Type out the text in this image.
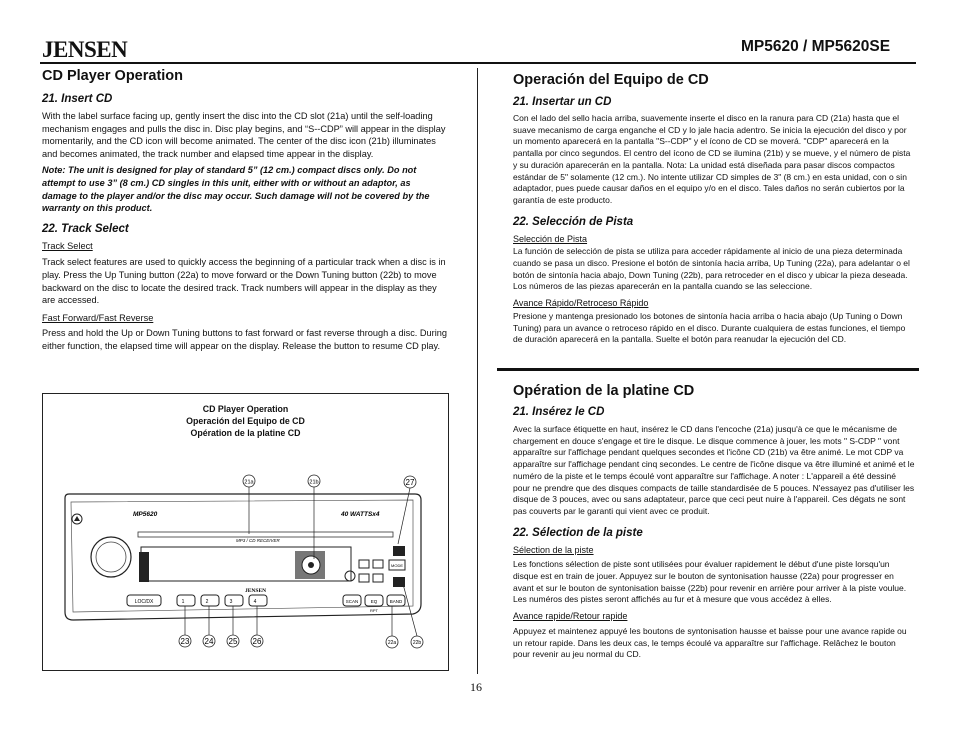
JENSEN	MP5620 / MP5620SE
CD Player Operation
21. Insert CD

With the label surface facing up, gently insert the disc into the CD slot (21a) until the self-loading mechanism engages and pulls the disc in. Disc play begins, and “S--CDP” will appear in the display momentarily, and the CD icon will become animated. The center of the disc icon (21b) illuminates and becomes animated, the track number and elapsed time appear in the display.

Note: The unit is designed for play of standard 5” (12 cm.) compact discs only. Do not attempt to use 3” (8 cm.) CD singles in this unit, either with or without an adaptor, as damage to the player and/or the disc may occur. Such damage will not be covered by the warranty on this product.

22. Track Select

Track Select

Track select features are used to quickly access the beginning of a particular track when a disc is in play. Press the Up Tuning button (22a) to move forward or the Down Tuning button (22b) to move backward on the disc to locate the desired track. Track numbers will appear in the display as they are accessed.

Fast Forward/Fast Reverse

Press and hold the Up or Down Tuning buttons to fast forward or fast reverse through a disc. During either function, the elapsed time will appear on the display. Release the button to resume CD play.

CD Player Operation
Operación del Equipo de CD
Opération de la platine CD
MP5620	40 WATTSx4
MP3 / CD RECEIVER
JENSEN
21a	21b	27
23 24 25 26	22a	22b
LOC/DX	1	2	3	4	SCAN	EQ
RPT
BAND
MODE
Operación del Equipo de CD
21. Insertar un CD

Con el lado del sello hacia arriba, suavemente inserte el disco en la ranura para CD (21a) hasta que el suave mecanismo de carga enganche el CD y lo jale hacia adentro. Se inicia la ejecución del disco y por un momento aparecerá en la pantalla "S--CDP" y el ícono de CD se moverá. "CDP" aparecerá en la pantalla por cinco segundos. El centro del ícono de CD se ilumina (21b) y se mueve, y el número de pista y su duración aparecerán en la pantalla. Nota: La unidad está diseñada para pasar discos compactos estándar de 5" solamente (12 cm.). No intente utilizar CD simples de 3" (8 cm.) en esta unidad, con o sin adaptador, pues puede causar daños en el equipo y/o en el disco. Tales daños no serán cubiertos por la garantía de este producto.

22. Selección de Pista

Selección de Pista

La función de selección de pista se utiliza para acceder rápidamente al inicio de una pieza determinada cuando se pasa un disco. Presione el botón de sintonía hacia arriba, Up Tuning (22a), para adelantar o el botón de sintonía hacia abajo, Down Tuning (22b), para retroceder en el disco y ubicar la pieza deseada. Los números de las piezas aparecerán en la pantalla cuando se las seleccione.

Avance Rápido/Retroceso Rápido

Presione y mantenga presionado los botones de sintonía hacia arriba o hacia abajo (Up Tuning o Down Tuning) para un avance o retroceso rápido en el disco. Durante cualquiera de estas funciones, el tiempo de duración aparecerá en la pantalla. Suelte el botón para reanudar la ejecución del CD.

Opération de la platine CD
21. Insérez le CD

Avec la surface étiquette en haut, insérez le CD dans l'encoche (21a) jusqu'à ce que le mécanisme de chargement en douce s'engage et tire le disque. Le disque commence à jouer, les mots " S-CDP " vont apparaître sur l'affichage pendant quelques secondes et l'icône CD (21b) va être animé. Le mot CDP va apparaître sur l'affichage pendant cinq secondes. Le centre de l'icône disque va être illuminé et animé et le numéro de la piste et le temps écoulé vont apparaître sur l'affichage. A noter : L'appareil a été dessiné pour ne prendre que des disques compacts de taille standardisée de 5 pouces. N'essayez pas d'utiliser les disque de 3 pouces, avec ou sans adaptateur, parce que ceci peut nuire à l'appareil. Ces dégats ne sont pas couverts par le garanti qui vient avec ce produit.

22. Sélection de la piste

Sélection de la piste

Les fonctions sélection de piste sont utilisées pour évaluer rapidement le début d'une piste lorsqu'un disque est en train de jouer. Appuyez sur le bouton de syntonisation hausse (22a) pour progresser en avant et sur le bouton de syntonisation baisse (22b) pour revenir en arrière pour arriver à la piste voulue. Les numéros des pistes seront affichés au fur et à mesure que vous accédez à elles.

Avance rapide/Retour rapide

Appuyez et maintenez appuyé les boutons de syntonisation hausse et baisse pour une avance rapide ou un retour rapide. Dans les deux cas, le temps écoulé va apparaître sur l'affichage. Relâchez le bouton pour revenir au jeu normal du CD.

16
